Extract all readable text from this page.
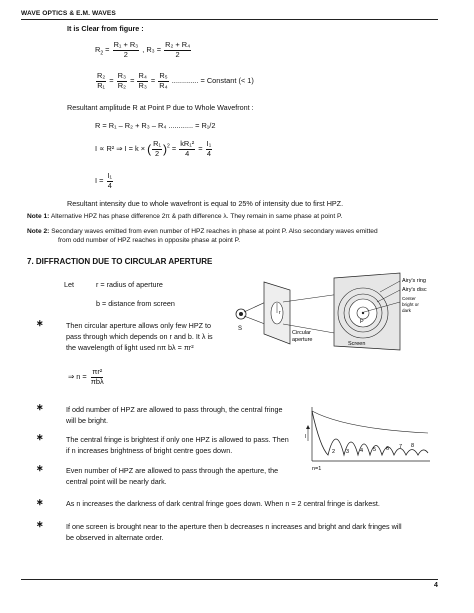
WAVE OPTICS & E.M. WAVES
It is Clear from figure :
$R_2 = \frac{\text{R₁ + R₃}}{2}$ , $R_3 = \frac{\text{R₂ + R₄}}{2}$
$\frac{\text{R₂}}{\text{R₁}} = \frac{\text{R₃}}{\text{R₂}} = \frac{\text{R₄}}{\text{R₃}} = \frac{\text{R₅}}{\text{R₄}}$ ............. = Constant (< 1)
Resultant amplitude R at Point P due to Whole Wavefront :
R = R₁ – R₂ + R₃ – R₄ ............ = R₁/2
I ∝ R² ⇒ I = k × ( $\frac{\text{R₁}}{2} )^2 = \frac{\text{kR₁²}}{4} = \frac{\text{I₁}}{4}$
$I = \frac{\text{I₁}}{4}$
Resultant intensity due to whole wavefront is equal to 25% of intensity due to first HPZ.
Note 1: Alternative HPZ has phase difference 2π & path difference λ. They remain in same phase at point P.
Note 2: Secondary waves emitted from even number of HPZ reaches in phase at point P. Also secondary waves emitted
from odd number of HPZ reaches in opposite phase at point P.
7. DIFFRACTION DUE TO CIRCULAR APERTURE
Let	r = radius of aperture
b = distance from screen
∗	Then circular aperture allows only few HPZ to
pass through which depends on r and b. It λ is
the wavelength of light used nπ bλ = πr²
⇒ $n = \frac{\text{πr²}}{\text{πbλ}}$
∗	If odd number of HPZ are allowed to pass through, the central fringe
will be bright.
∗	The central fringe is brightest if only one HPZ is allowed to pass. Then
if n increases brightness of bright centre goes down.
∗	Even number of HPZ are allowed to pass through the aperture, the
central point will be nearly dark.
∗	As n increases the darkness of dark central fringe goes down. When n = 2 central fringe is darkest.
∗	If one screen is brought near to the aperture then b decreases n increases and bright and dark fringes will
be observed in alternate order.
S
r
Circular
aperture
P
Screen
Airy's ring
Airy's disc
Center
bright or
dark
I
2 3 4 5 6 7 8
n=1
4
